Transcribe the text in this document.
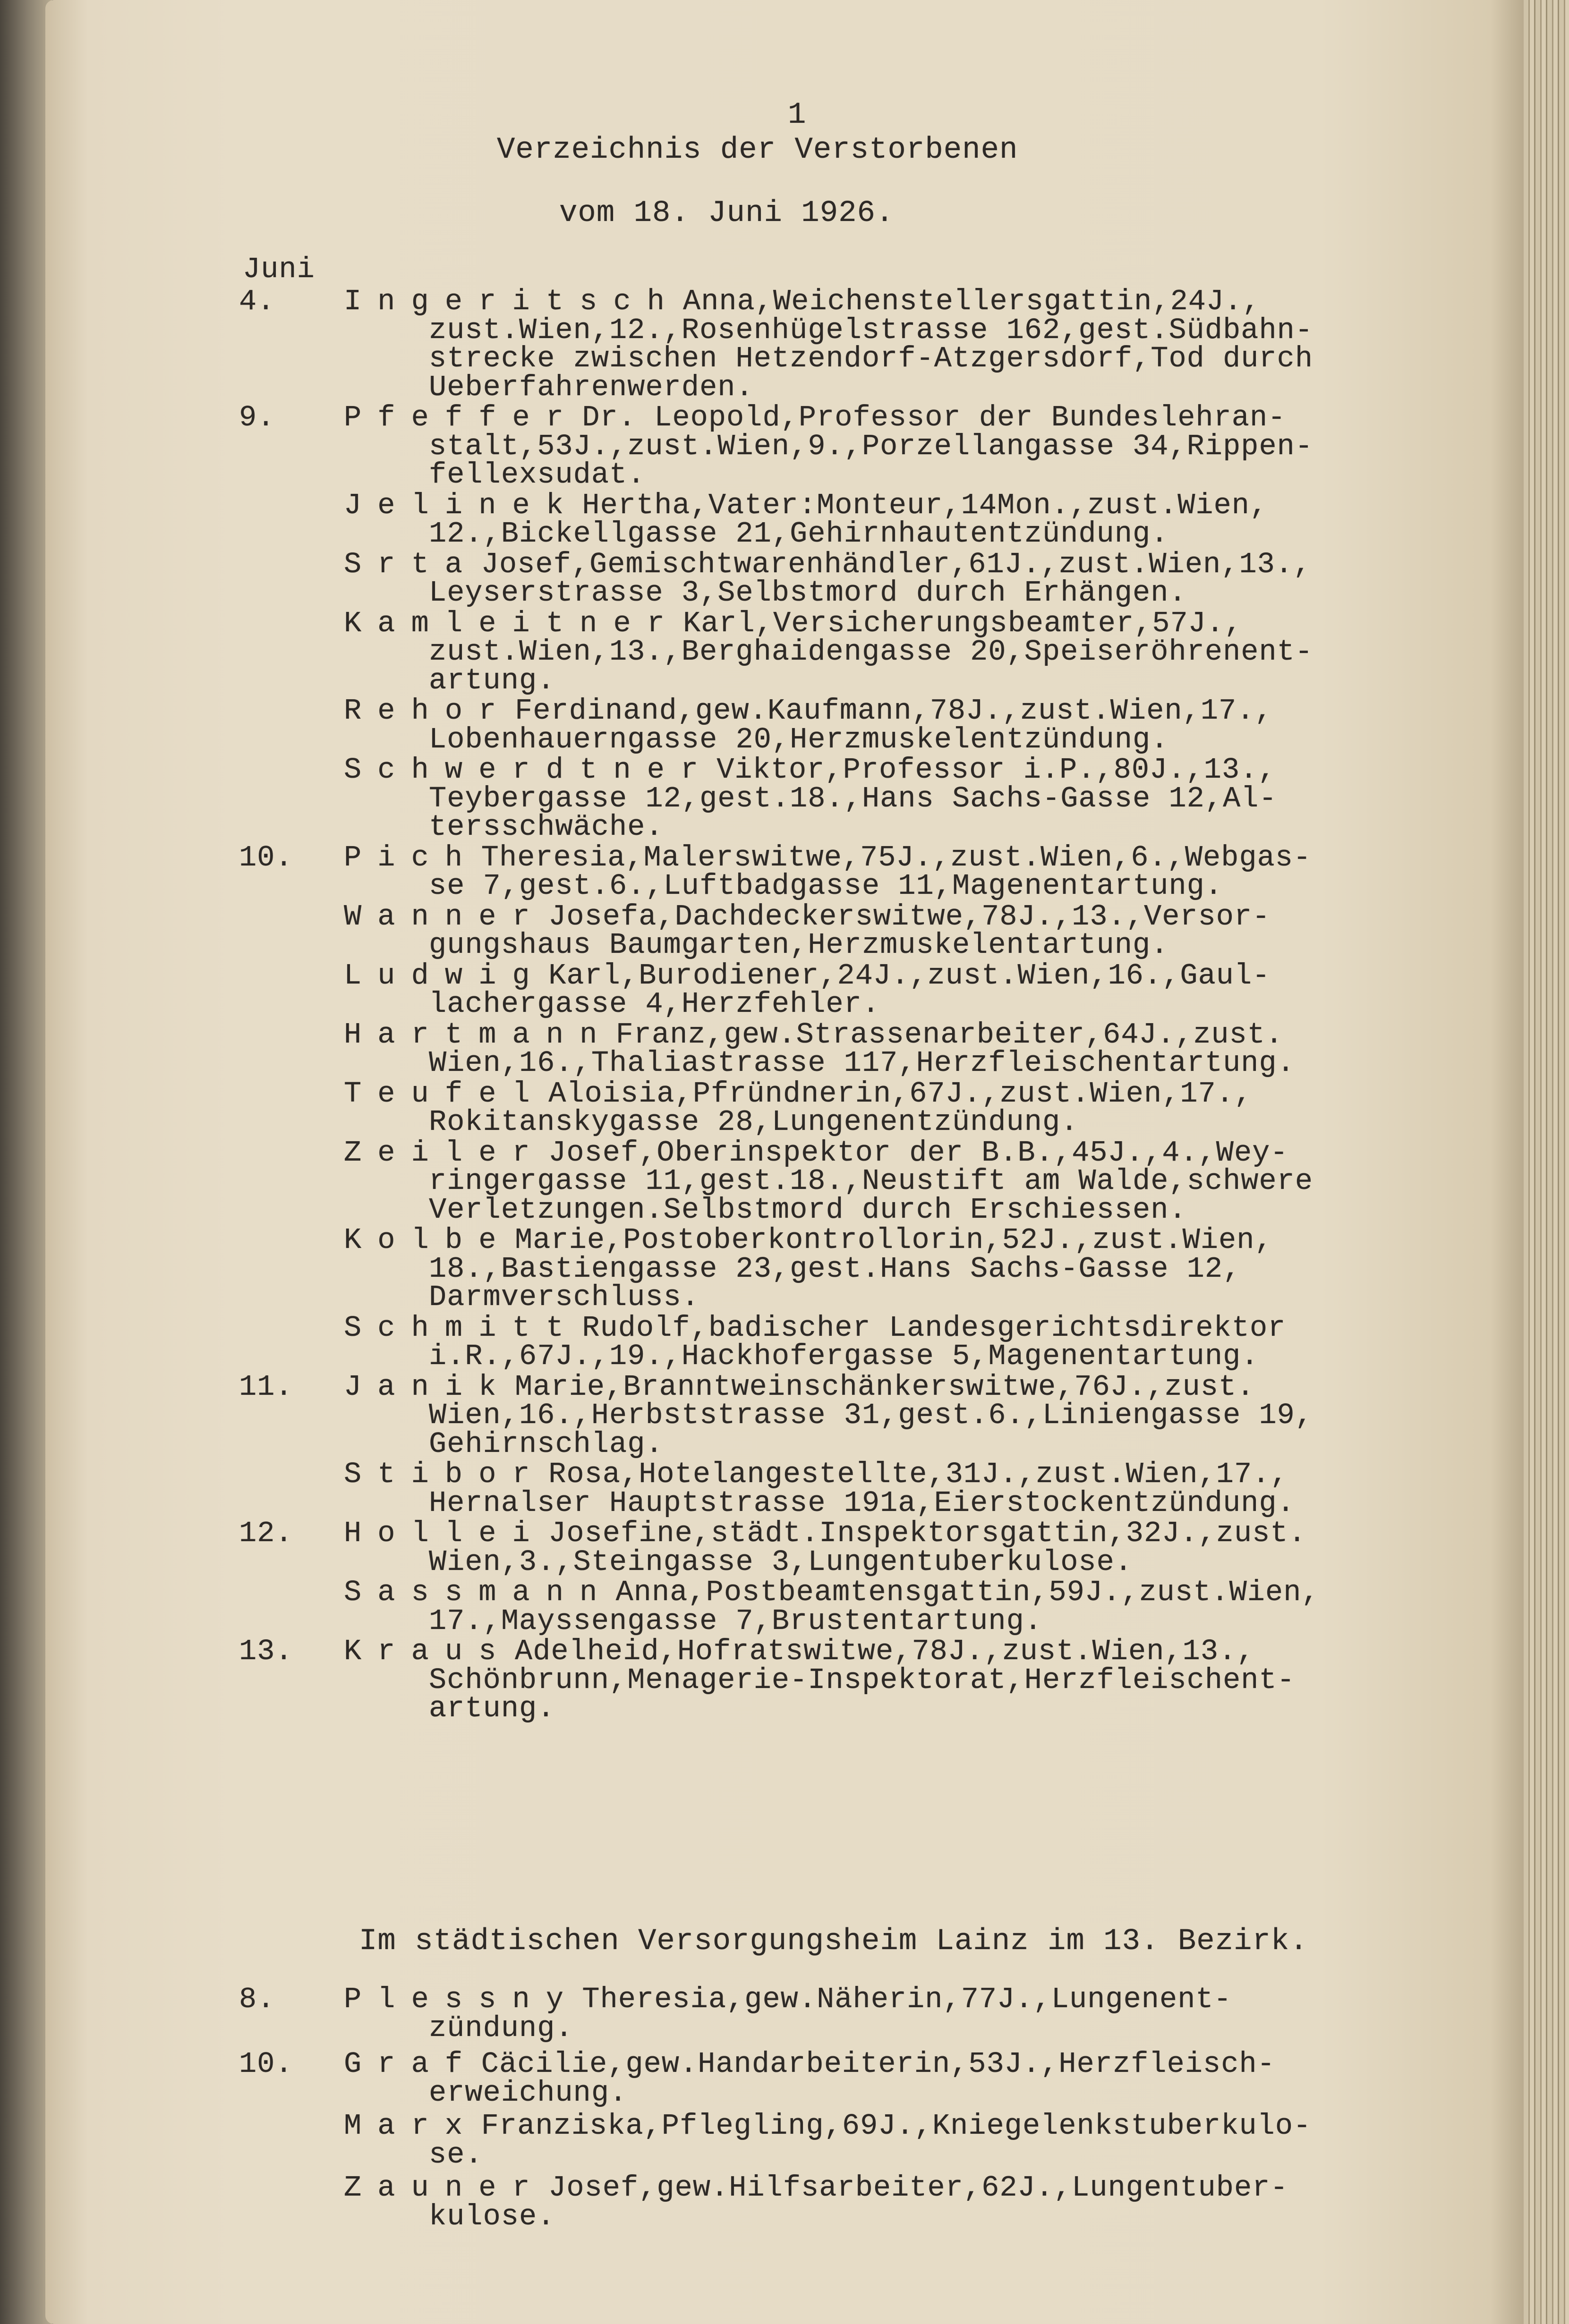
1
Verzeichnis der Verstorbenen
vom 18. Juni 1926.
Juni
4. Ingeritsch Anna,Weichenstellersgattin,24J.,
zust.Wien,12.,Rosenhügelstrasse 162,gest.Südbahn-
strecke zwischen Hetzendorf-Atzgersdorf,Tod durch
Ueberfahrenwerden.
9. Pfeffer Dr. Leopold,Professor der Bundeslehran-
stalt,53J.,zust.Wien,9.,Porzellangasse 34,Rippen-
fellexsudat.
Jelinek Hertha,Vater:Monteur,14Mon.,zust.Wien,
12.,Bickellgasse 21,Gehirnhautentzündung.
Srta Josef,Gemischtwarenhändler,61J.,zust.Wien,13.,
Leyserstrasse 3,Selbstmord durch Erhängen.
Kamleitner Karl,Versicherungsbeamter,57J.,
zust.Wien,13.,Berghaidengasse 20,Speiseröhrenent-
artung.
Rehor Ferdinand,gew.Kaufmann,78J.,zust.Wien,17.,
Lobenhauerngasse 20,Herzmuskelentzündung.
Schwerdtner Viktor,Professor i.P.,80J.,13.,
Teybergasse 12,gest.18.,Hans Sachs-Gasse 12,Al-
tersschwäche.
10. Pich Theresia,Malerswitwe,75J.,zust.Wien,6.,Webgas-
se 7,gest.6.,Luftbadgasse 11,Magenentartung.
Wanner Josefa,Dachdeckerswitwe,78J.,13.,Versor-
gungshaus Baumgarten,Herzmuskelentartung.
Ludwig Karl,Burodiener,24J.,zust.Wien,16.,Gaul-
lachergasse 4,Herzfehler.
Hartmann Franz,gew.Strassenarbeiter,64J.,zust.
Wien,16.,Thaliastrasse 117,Herzfleischentartung.
Teufel Aloisia,Pfründnerin,67J.,zust.Wien,17.,
Rokitanskygasse 28,Lungenentzündung.
Zeiler Josef,Oberinspektor der B.B.,45J.,4.,Wey-
ringergasse 11,gest.18.,Neustift am Walde,schwere
Verletzungen.Selbstmord durch Erschiessen.
Kolbe Marie,Postoberkontrollorin,52J.,zust.Wien,
18.,Bastiengasse 23,gest.Hans Sachs-Gasse 12,
Darmverschluss.
Schmitt Rudolf,badischer Landesgerichtsdirektor
i.R.,67J.,19.,Hackhofergasse 5,Magenentartung.
11. Janik Marie,Branntweinschänkerswitwe,76J.,zust.
Wien,16.,Herbststrasse 31,gest.6.,Liniengasse 19,
Gehirnschlag.
Stibor Rosa,Hotelangestellte,31J.,zust.Wien,17.,
Hernalser Hauptstrasse 191a,Eierstockentzündung.
12. Hollei Josefine,städt.Inspektorsgattin,32J.,zust.
Wien,3.,Steingasse 3,Lungentuberkulose.
Sassmann Anna,Postbeamtensgattin,59J.,zust.Wien,
17.,Mayssengasse 7,Brustentartung.
13. Kraus Adelheid,Hofratswitwe,78J.,zust.Wien,13.,
Schönbrunn,Menagerie-Inspektorat,Herzfleischent-
artung.
Im städtischen Versorgungsheim Lainz im 13. Bezirk.
8. Plessny Theresia,gew.Näherin,77J.,Lungenent-
zündung.
10. Graf Cäcilie,gew.Handarbeiterin,53J.,Herzfleisch-
erweichung.
Marx Franziska,Pflegling,69J.,Kniegelenkstuberkulo-
se.
Zauner Josef,gew.Hilfsarbeiter,62J.,Lungentuber-
kulose.
